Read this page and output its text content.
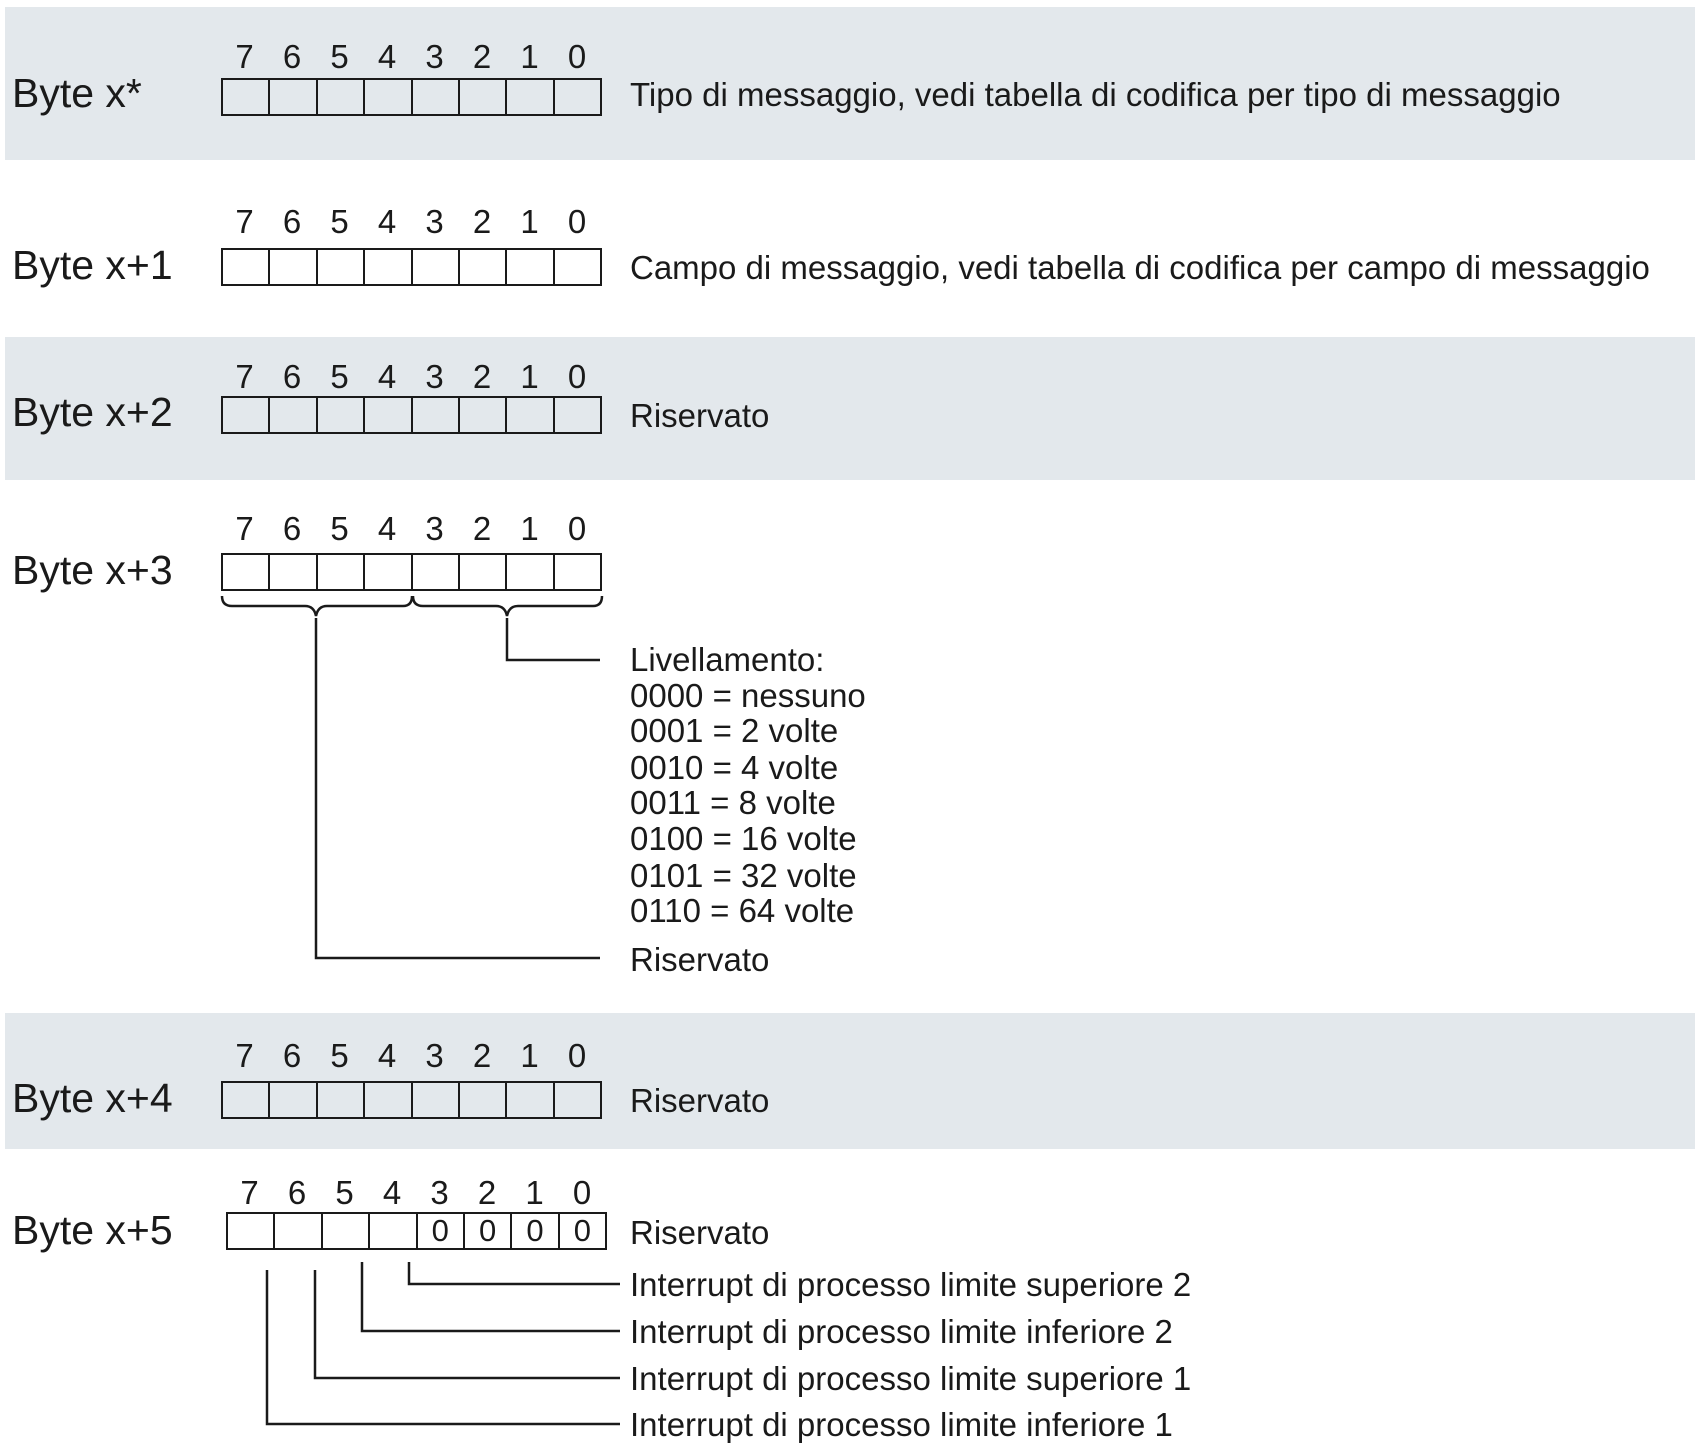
Byte x*
7 6 5 4 3 2 1 0
Tipo di messaggio, vedi tabella di codifica per tipo di messaggio
Byte x+1
7 6 5 4 3 2 1 0
Campo di messaggio, vedi tabella di codifica per campo di messaggio
Byte x+2
7 6 5 4 3 2 1 0
Riservato
Byte x+3
7 6 5 4 3 2 1 0
Livellamento:
0000 = nessuno
0001 = 2 volte
0010 = 4 volte
0011 = 8 volte
0100 = 16 volte
0101 = 32 volte
0110 = 64 volte
Riservato
Byte x+4
7 6 5 4 3 2 1 0
Riservato
Byte x+5
7 6 5 4 3 2 1 0
0 0 0 0	Riservato
Interrupt di processo limite superiore 2
Interrupt di processo limite inferiore 2
Interrupt di processo limite superiore 1
Interrupt di processo limite inferiore 1
